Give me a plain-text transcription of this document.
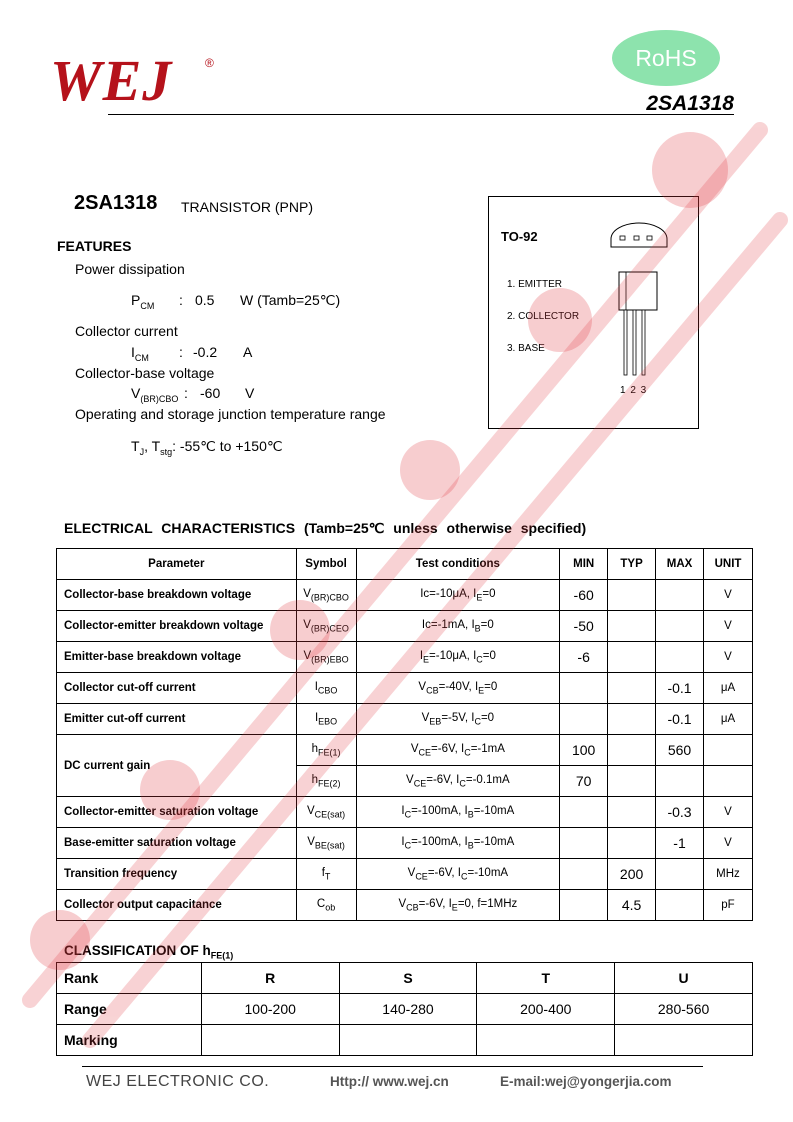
WEJ	®	RoHS
2SA1318
2SA1318 TRANSISTOR (PNP)
FEATURES
Power dissipation
$P_{CM}$ : 0.5 W (Tamb=25℃)
Collector current
$I_{CM}$ : -0.2 A
Collector-base voltage
$V_{(BR)CBO}$ : -60 V
Operating and storage junction temperature range
$T_J$, $T_{stg}$: -55℃ to +150℃
TO-92
1. EMITTER
2. COLLECTOR
3. BASE
1 2 3
ELECTRICAL CHARACTERISTICS (Tamb=25℃ unless otherwise specified)
Parameter	Symbol	Test conditions	MIN	TYP	MAX	UNIT
Collector-base breakdown voltage	$V_{(BR)CBO}$	Ic=-10μA, $I_E=0$	-60			V
Collector-emitter breakdown voltage	$V_{(BR)CEO}$	Ic=-1mA, $I_B=0$	-50			V
Emitter-base breakdown voltage	$V_{(BR)EBO}$	$I_E=-10\mu A$, $I_C=0$	-6			V
Collector cut-off current	$I_{CBO}$	$V_{CB}=-40V$, $I_E=0$			-0.1	μA
Emitter cut-off current	$I_{EBO}$	$V_{EB}=-5V$, $I_C=0$			-0.1	μA
DC current gain	$h_{FE(1)}$	$V_{CE}=-6V$, $I_C=-1mA$	100		560	
	$h_{FE(2)}$	$V_{CE}=-6V$, $I_C=-0.1mA$	70			
Collector-emitter saturation voltage	$V_{CE(sat)}$	$I_C=-100mA$, $I_B=-10mA$			-0.3	V
Base-emitter saturation voltage	$V_{BE(sat)}$	$I_C=-100mA$, $I_B=-10mA$			-1	V
Transition frequency	$f_T$	$V_{CE}=-6V$, $I_C=-10mA$		200		MHz
Collector output capacitance	$C_{ob}$	$V_{CB}=-6V$, $I_E=0$, f=1MHz		4.5		pF
CLASSIFICATION OF $h_{FE(1)}$
Rank	R	S	T	U
Range	100-200	140-280	200-400	280-560
Marking				
WEJ ELECTRONIC CO.	Http:// www.wej.cn	E-mail:wej@yongerjia.com
